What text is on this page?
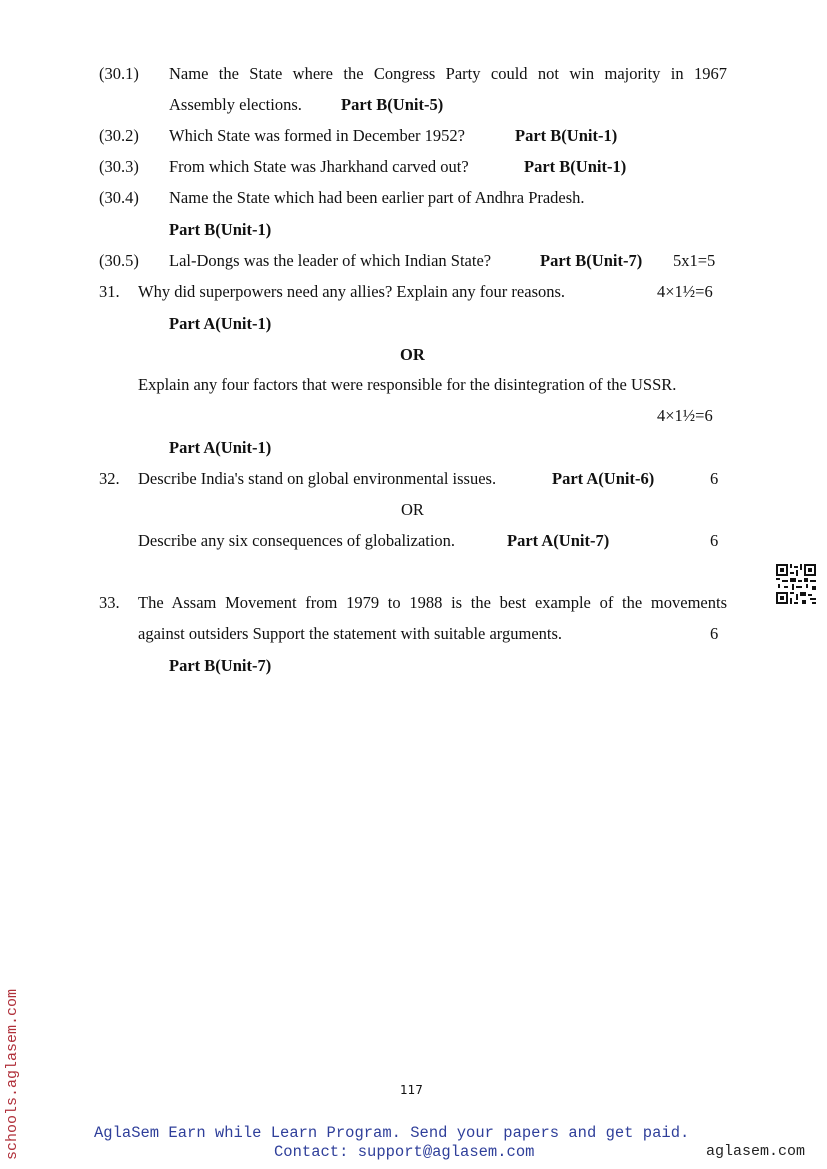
(30.1) Name the State where the Congress Party could not win majority in 1967
Assembly elections. Part B(Unit-5)
(30.2) Which State was formed in December 1952?	Part B(Unit-1)
(30.3) From which State was Jharkhand carved out?	Part B(Unit-1)
(30.4) Name the State which had been earlier part of Andhra Pradesh.
Part B(Unit-1)
(30.5) Lal-Dongs was the leader of which Indian State?	Part B(Unit-7) 5x1=5
31. Why did superpowers need any allies? Explain any four reasons.	4×1½=6
Part A(Unit-1)
OR
Explain any four factors that were responsible for the disintegration of the USSR.
4×1½=6
Part A(Unit-1)
32. Describe India's stand on global environmental issues.	Part A(Unit-6)	6
OR
Describe any six consequences of globalization.	Part A(Unit-7)	6
33. The Assam Movement from 1979 to 1988 is the best example of the movements
against outsiders Support the statement with suitable arguments.	6
Part B(Unit-7)
117
AglaSem Earn while Learn Program. Send your papers and get paid.
Contact: support@aglasem.com	aglasem.com
schools.aglasem.com
